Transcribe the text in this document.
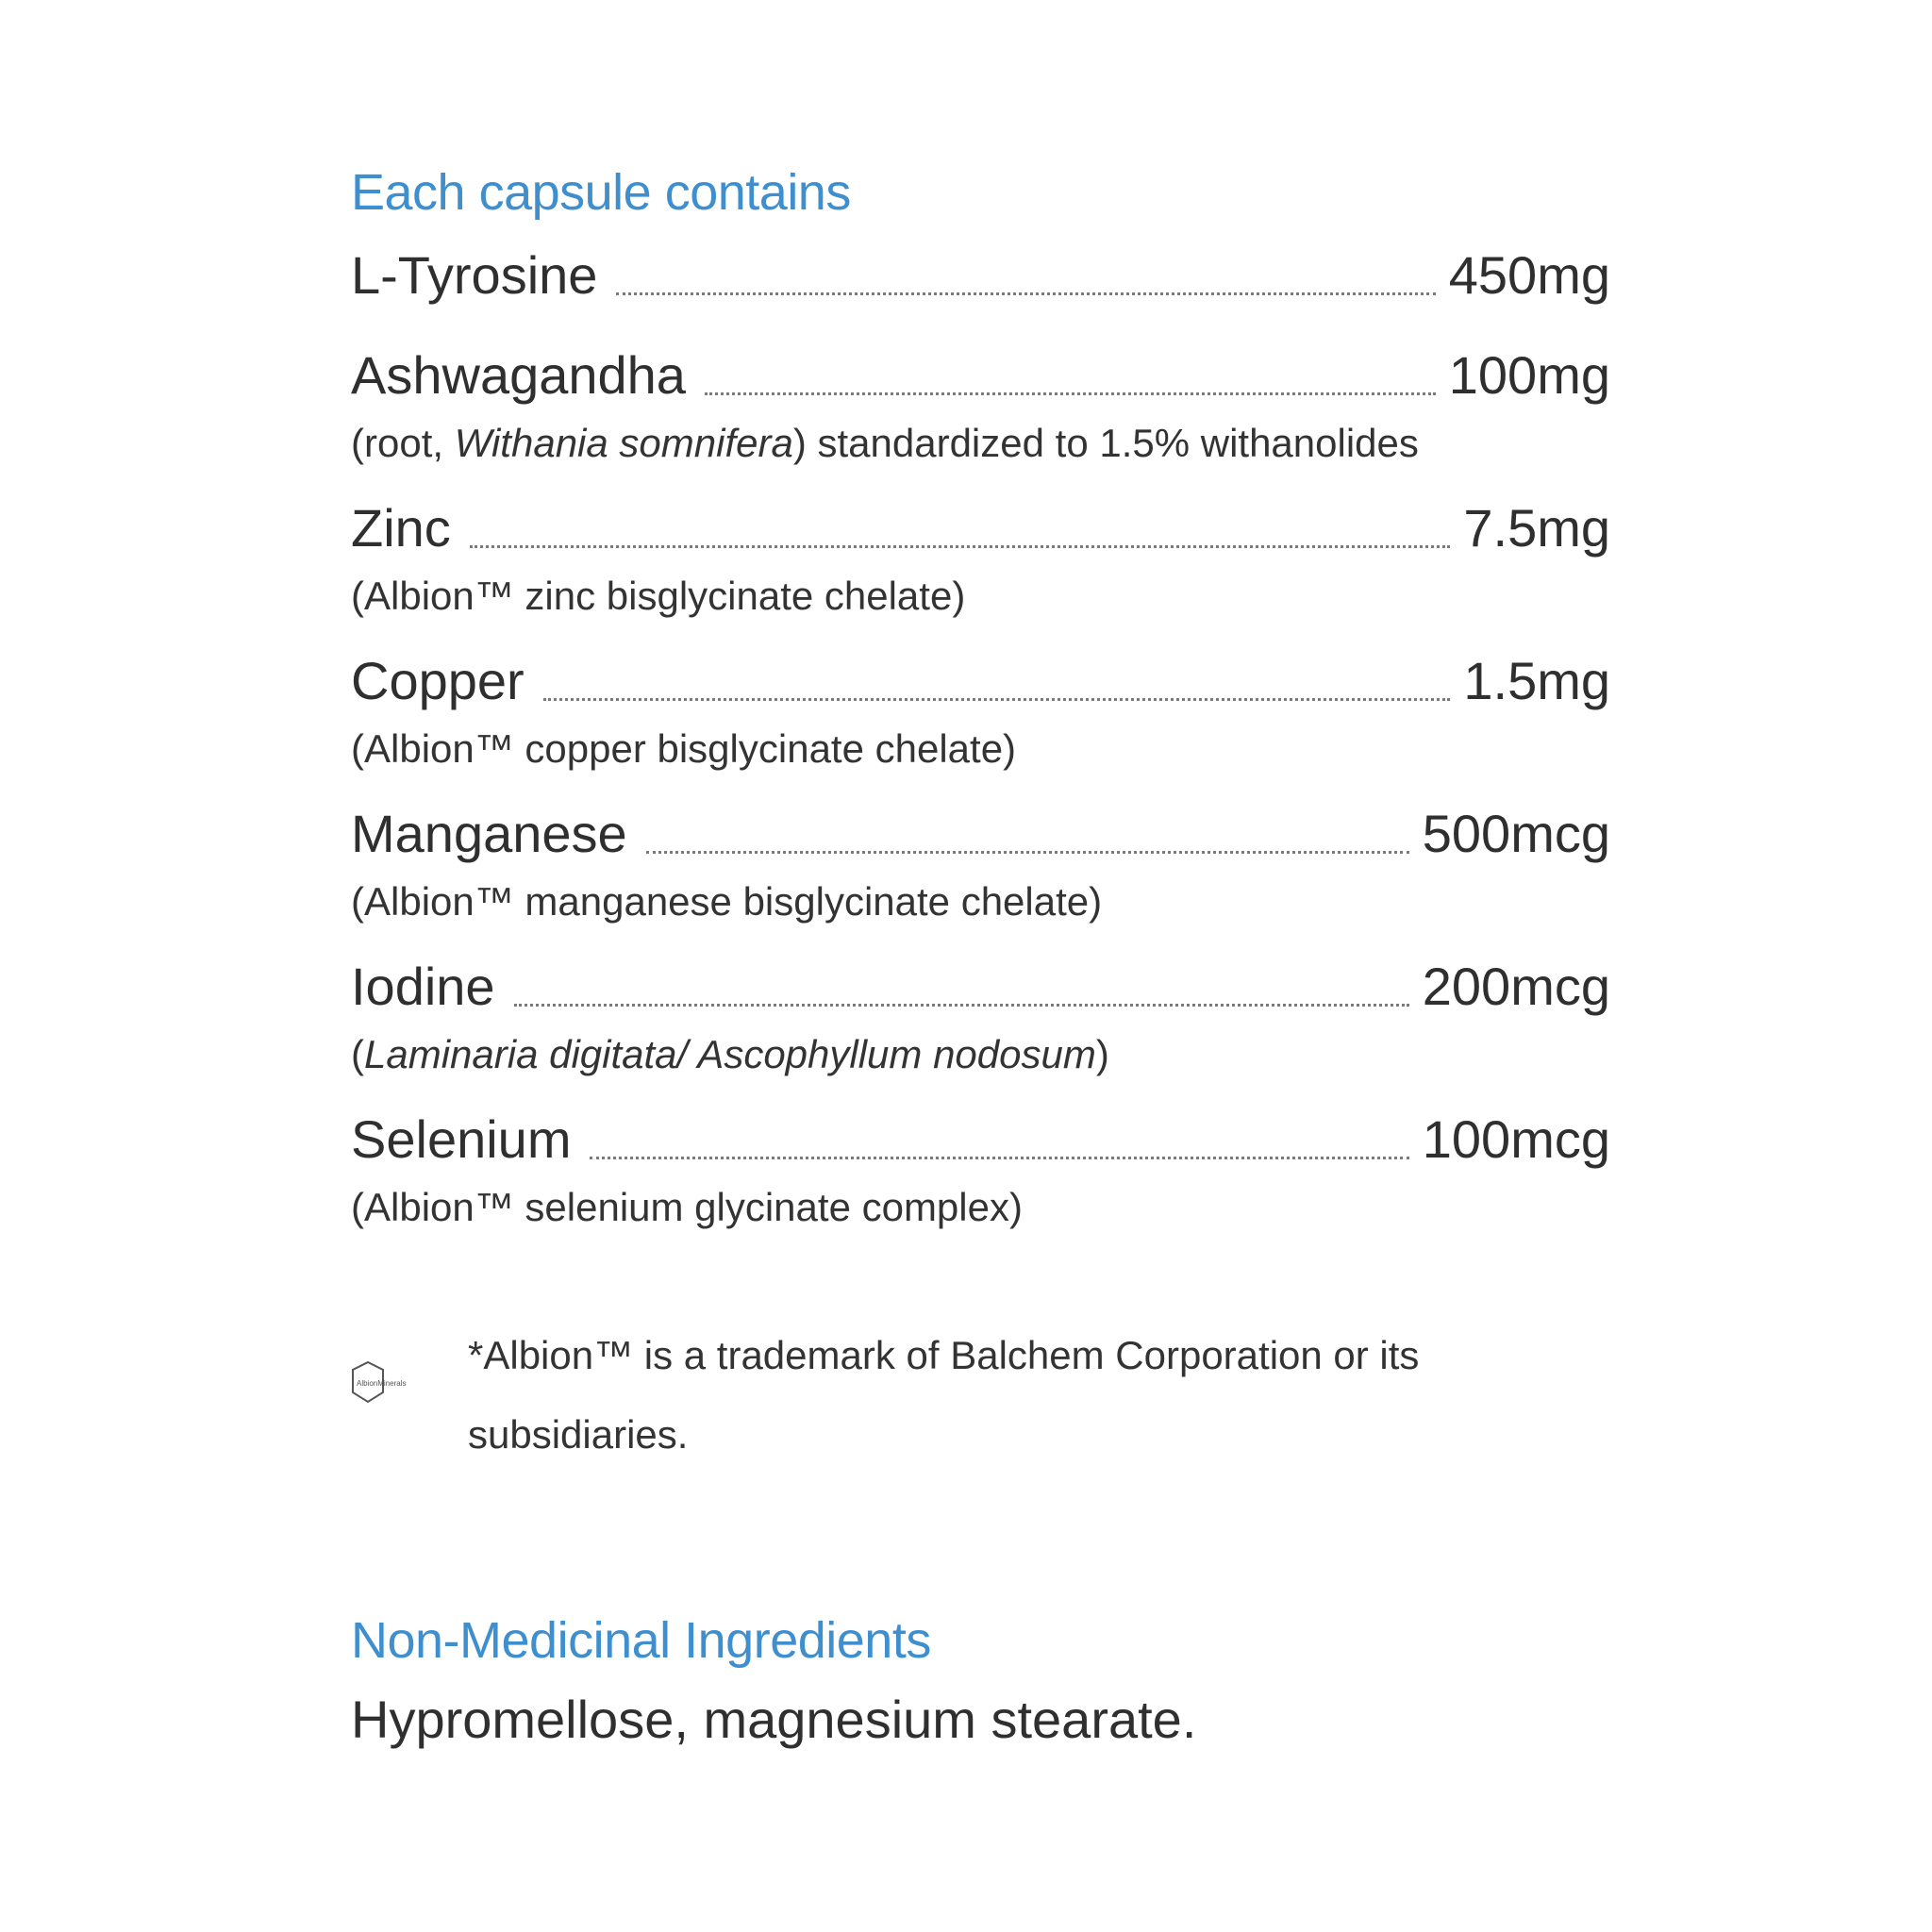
Each capsule contains
L-Tyrosine	450mg
Ashwagandha	100mg
(root, Withania somnifera) standardized to 1.5% withanolides
Zinc	7.5mg
(Albion™ zinc bisglycinate chelate)
Copper	1.5mg
(Albion™ copper bisglycinate chelate)
Manganese	500mcg
(Albion™ manganese bisglycinate chelate)
Iodine	200mcg
(Laminaria digitata/ Ascophyllum nodosum)
Selenium	100mcg
(Albion™ selenium glycinate complex)
AlbionMinerals
*Albion™ is a trademark of Balchem Corporation or its subsidiaries.
Non-Medicinal Ingredients
Hypromellose, magnesium stearate.
